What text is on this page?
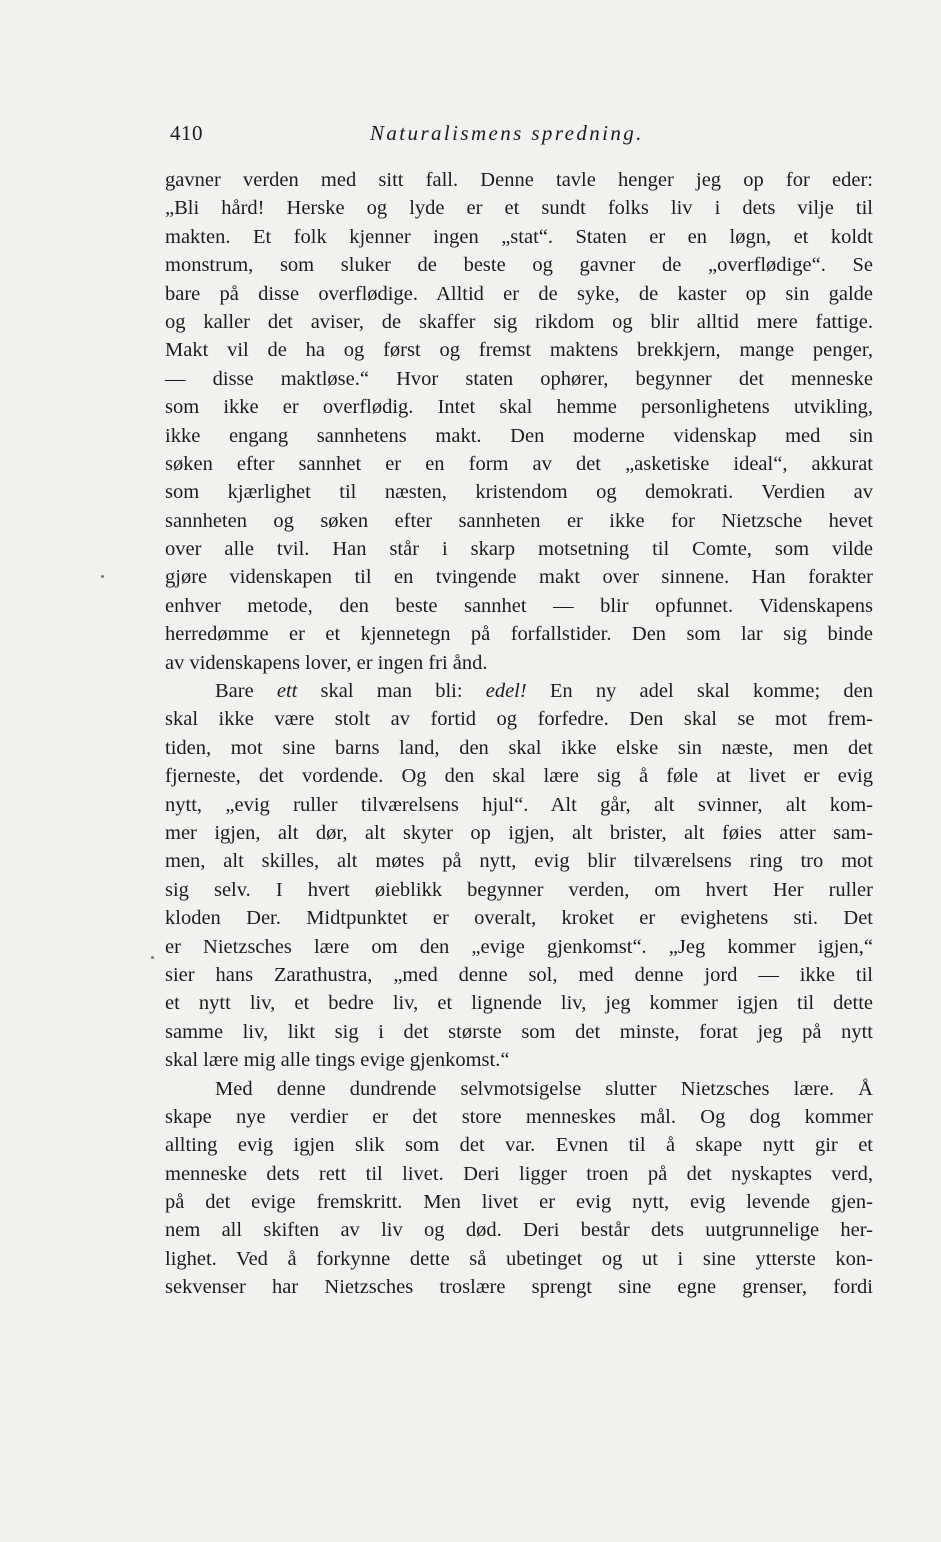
410	Naturalismens spredning.
gavner verden med sitt fall. Denne tavle henger jeg op for eder:
„Bli hård! Herske og lyde er et sundt folks liv i dets vilje til
makten. Et folk kjenner ingen „stat“. Staten er en løgn, et koldt
monstrum, som sluker de beste og gavner de „overflødige“. Se
bare på disse overflødige. Alltid er de syke, de kaster op sin galde
og kaller det aviser, de skaffer sig rikdom og blir alltid mere fattige.
Makt vil de ha og først og fremst maktens brekkjern, mange penger,
— disse maktløse.“ Hvor staten ophører, begynner det menneske
som ikke er overflødig. Intet skal hemme personlighetens utvikling,
ikke engang sannhetens makt. Den moderne videnskap med sin
søken efter sannhet er en form av det „asketiske ideal“, akkurat
som kjærlighet til næsten, kristendom og demokrati. Verdien av
sannheten og søken efter sannheten er ikke for Nietzsche hevet
over alle tvil. Han står i skarp motsetning til Comte, som vilde
gjøre videnskapen til en tvingende makt over sinnene. Han forakter
enhver metode, den beste sannhet — blir opfunnet. Videnskapens
herredømme er et kjennetegn på forfallstider. Den som lar sig binde
av videnskapens lover, er ingen fri ånd.
Bare ett skal man bli: edel! En ny adel skal komme; den
skal ikke være stolt av fortid og forfedre. Den skal se mot frem-
tiden, mot sine barns land, den skal ikke elske sin næste, men det
fjerneste, det vordende. Og den skal lære sig å føle at livet er evig
nytt, „evig ruller tilværelsens hjul“. Alt går, alt svinner, alt kom-
mer igjen, alt dør, alt skyter op igjen, alt brister, alt føies atter sam-
men, alt skilles, alt møtes på nytt, evig blir tilværelsens ring tro mot
sig selv. I hvert øieblikk begynner verden, om hvert Her ruller
kloden Der. Midtpunktet er overalt, kroket er evighetens sti. Det
er Nietzsches lære om den „evige gjenkomst“. „Jeg kommer igjen,“
sier hans Zarathustra, „med denne sol, med denne jord — ikke til
et nytt liv, et bedre liv, et lignende liv, jeg kommer igjen til dette
samme liv, likt sig i det største som det minste, forat jeg på nytt
skal lære mig alle tings evige gjenkomst.“
Med denne dundrende selvmotsigelse slutter Nietzsches lære. Å
skape nye verdier er det store menneskes mål. Og dog kommer
allting evig igjen slik som det var. Evnen til å skape nytt gir et
menneske dets rett til livet. Deri ligger troen på det nyskaptes verd,
på det evige fremskritt. Men livet er evig nytt, evig levende gjen-
nem all skiften av liv og død. Deri består dets uutgrunnelige her-
lighet. Ved å forkynne dette så ubetinget og ut i sine ytterste kon-
sekvenser har Nietzsches troslære sprengt sine egne grenser, fordi
